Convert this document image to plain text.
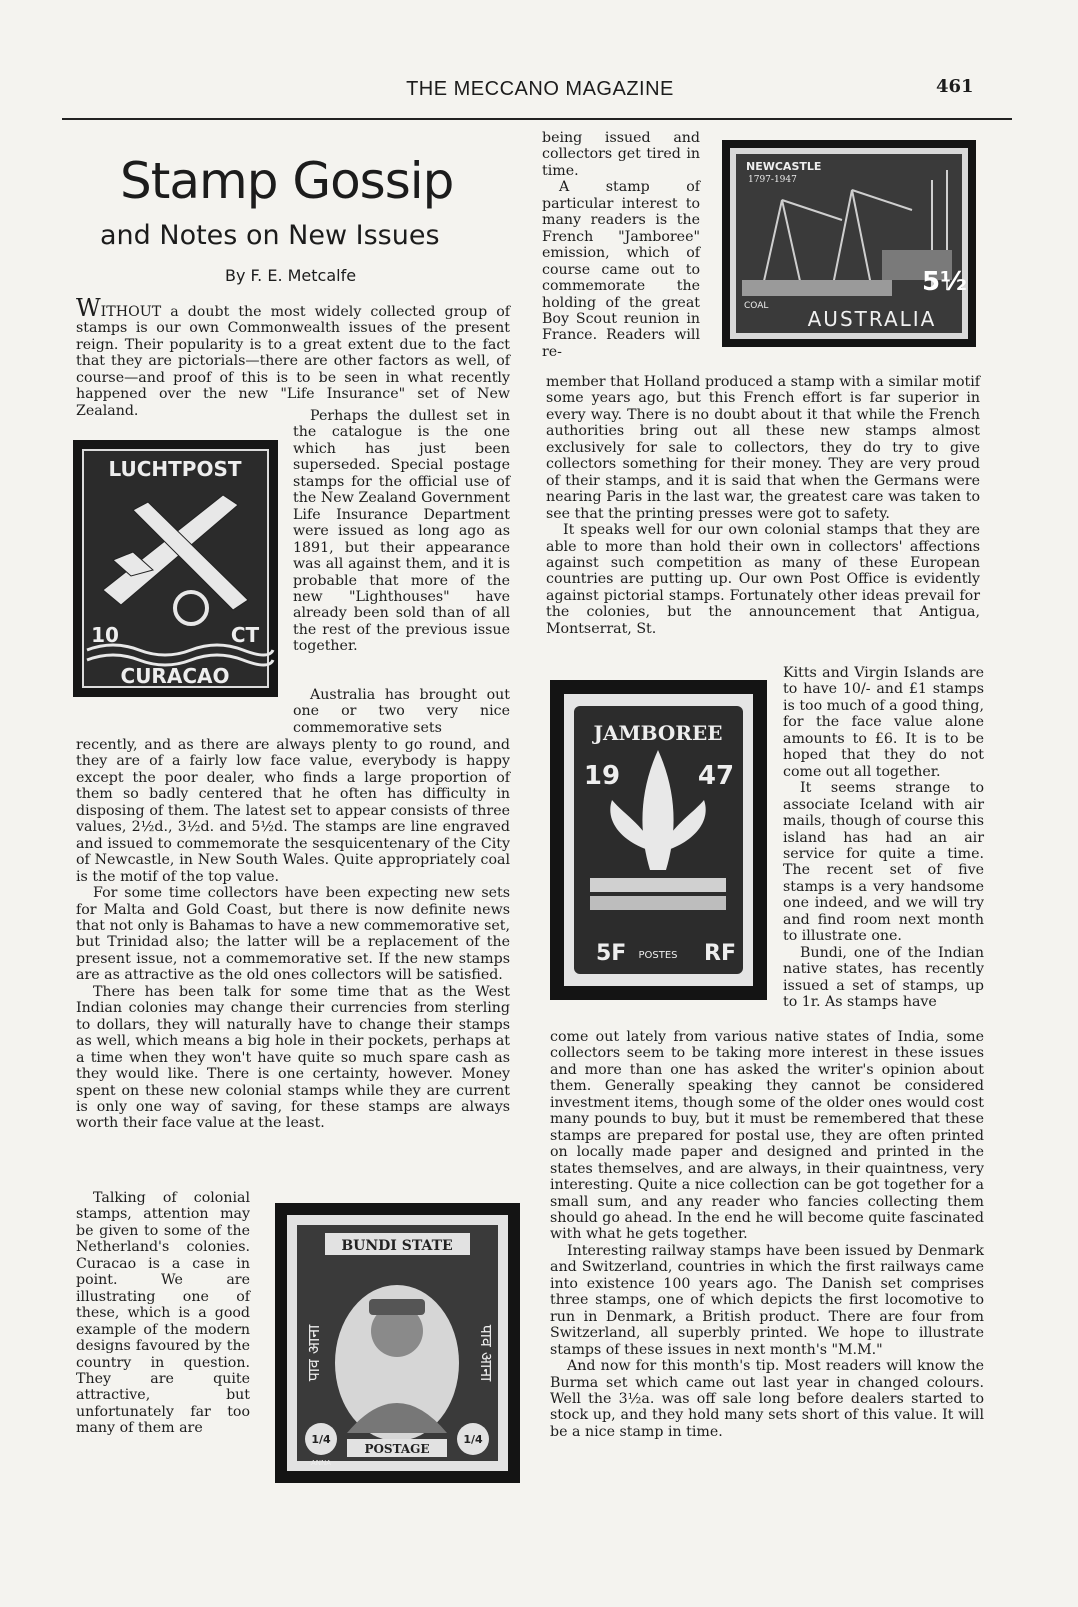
THE MECCANO MAGAZINE	461
Stamp Gossip
and Notes on New Issues
By F. E. Metcalfe

WITHOUT a doubt the most widely collected group of stamps is our own Commonwealth issues of the present reign. Their popularity is to a great extent due to the fact that they are pictorials—there are other factors as well, of course—and proof of this is to be seen in what recently happened over the new "Life Insurance" set of New Zealand.	Perhaps the dullest set in the catalogue is the one which has just been superseded. Special postage stamps for the official use of the New Zealand Government Life Insurance Department were issued as long ago as 1891, but their appearance was all against them, and it is probable that more of the new "Lighthouses" have already been sold than of all the rest of the previous issue together.

Australia has brought out one or two very nice commemorative sets

recently, and as there are always plenty to go round, and they are of a fairly low face value, everybody is happy except the poor dealer, who finds a large proportion of them so badly centered that he often has difficulty in disposing of them. The latest set to appear consists of three values, 2½d., 3½d. and 5½d. The stamps are line engraved and issued to commemorate the sesquicentenary of the City of Newcastle, in New South Wales. Quite appropriately coal is the motif of the top value.

For some time collectors have been expecting new sets for Malta and Gold Coast, but there is now definite news that not only is Bahamas to have a new commemorative set, but Trinidad also; the latter will be a replacement of the present issue, not a commemorative set. If the new stamps are as attractive as the old ones collectors will be satisfied.

There has been talk for some time that as the West Indian colonies may change their currencies from sterling to dollars, they will naturally have to change their stamps as well, which means a big hole in their pockets, perhaps at a time when they won't have quite so much spare cash as they would like. There is one certainty, however. Money spent on these new colonial stamps while they are current is only one way of saving, for these stamps are always worth their face value at the least.

Talking of colonial stamps, attention may be given to some of the Netherland's colonies. Curacao is a case in point. We are illustrating one of these, which is a good example of the modern designs favoured by the country in question. They are quite attractive, but unfortunately far too many of them are

being issued and collectors get tired in time.

A stamp of particular interest to many readers is the French "Jamboree" emission, which of course came out to commemorate the holding of the great Boy Scout reunion in France. Readers will re-

member that Holland produced a stamp with a similar motif some years ago, but this French effort is far superior in every way. There is no doubt about it that while the French authorities bring out all these new stamps almost exclusively for sale to collectors, they do try to give collectors something for their money. They are very proud of their stamps, and it is said that when the Germans were nearing Paris in the last war, the greatest care was taken to see that the printing presses were got to safety.

It speaks well for our own colonial stamps that they are able to more than hold their own in collectors' affections against such competition as many of these European countries are putting up. Our own Post Office is evidently against pictorial stamps. Fortunately other ideas prevail for the colonies, but the announcement that Antigua, Montserrat, St.

Kitts and Virgin Islands are to have 10/- and £1 stamps is too much of a good thing, for the face value alone amounts to £6. It is to be hoped that they do not come out all together.

It seems strange to associate Iceland with air mails, though of course this island has had an air service for quite a time. The recent set of five stamps is a very handsome one indeed, and we will try and find room next month to illustrate one.

Bundi, one of the Indian native states, has recently issued a set of stamps, up to 1r. As stamps have

come out lately from various native states of India, some collectors seem to be taking more interest in these issues and more than one has asked the writer's opinion about them. Generally speaking they cannot be considered investment items, though some of the older ones would cost many pounds to buy, but it must be remembered that these stamps are prepared for postal use, they are often printed on locally made paper and designed and printed in the states themselves, and are always, in their quaintness, very interesting. Quite a nice collection can be got together for a small sum, and any reader who fancies collecting them should go ahead. In the end he will become quite fascinated with what he gets together.

Interesting railway stamps have been issued by Denmark and Switzerland, countries in which the first railways came into existence 100 years ago. The Danish set comprises three stamps, one of which depicts the first locomotive to run in Denmark, a British product. There are four from Switzerland, all superbly printed. We hope to illustrate stamps of these issues in next month's "M.M."

And now for this month's tip. Most readers will know the Burma set which came out last year in changed colours. Well the 3½a. was off sale long before dealers started to stock up, and they hold many sets short of this value. It will be a nice stamp in time.

LUCHTPOST
10	CT
CURACAO
NEWCASTLE
1797-1947
5½
COAL
AUSTRALIA
JAMBOREE
19	47
5F POSTES RF
BUNDI STATE
पाव आना	पाव आना
1/4	1/4
ANNA
POSTAGE
